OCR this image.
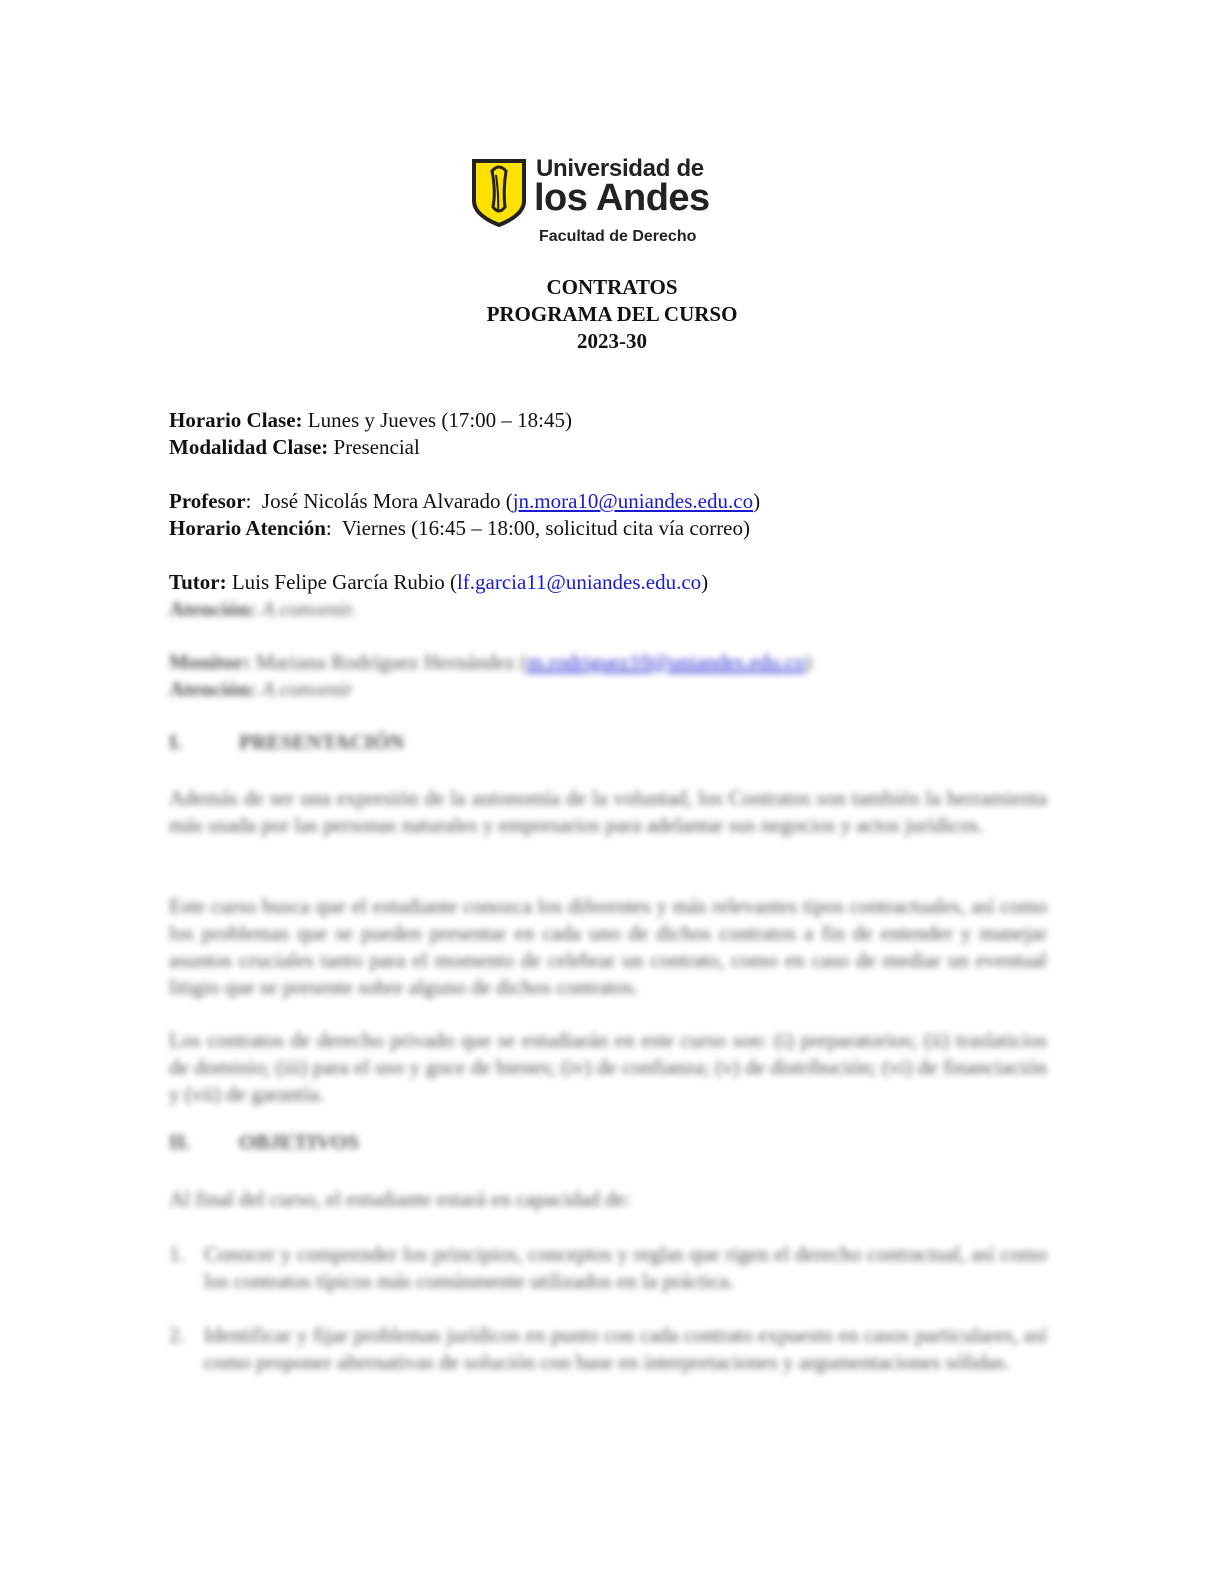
Universidad de
los Andes
Facultad de Derecho
CONTRATOS
PROGRAMA DEL CURSO
2023-30
Horario Clase: Lunes y Jueves (17:00 – 18:45)
Modalidad Clase: Presencial
Profesor:  José Nicolás Mora Alvarado (jn.mora10@uniandes.edu.co)
Horario Atención:  Viernes (16:45 – 18:00, solicitud cita vía correo)
Tutor: Luis Felipe García Rubio (lf.garcia11@uniandes.edu.co)
Atención: A convenir.
Monitor: Mariana Rodríguez Hernández (m.rodriguez10@uniandes.edu.co)
Atención: A convenir
I.	PRESENTACIÓN
Además de ser una expresión de la autonomía de la voluntad, los Contratos son también la herramienta más usada por las personas naturales y empresarios para adelantar sus negocios y actos jurídicos.
Este curso busca que el estudiante conozca los diferentes y más relevantes tipos contractuales, así como los problemas que se pueden presentar en cada uno de dichos contratos a fin de entender y manejar asuntos cruciales tanto para el momento de celebrar un contrato, como en caso de mediar un eventual litigio que se presente sobre alguno de dichos contratos.
Los contratos de derecho privado que se estudiarán en este curso son: (i) preparatorios; (ii) traslaticios de dominio; (iii) para el uso y goce de bienes; (iv) de confianza; (v) de distribución; (vi) de financiación y (vii) de garantía.
II. OBJETIVOS
Al final del curso, el estudiante estará en capacidad de:
1. Conocer y comprender los principios, conceptos y reglas que rigen el derecho contractual, así como los contratos típicos más comúnmente utilizados en la práctica.
2. Identificar y fijar problemas jurídicos en punto con cada contrato expuesto en casos particulares, así como proponer alternativas de solución con base en interpretaciones y argumentaciones sólidas.
